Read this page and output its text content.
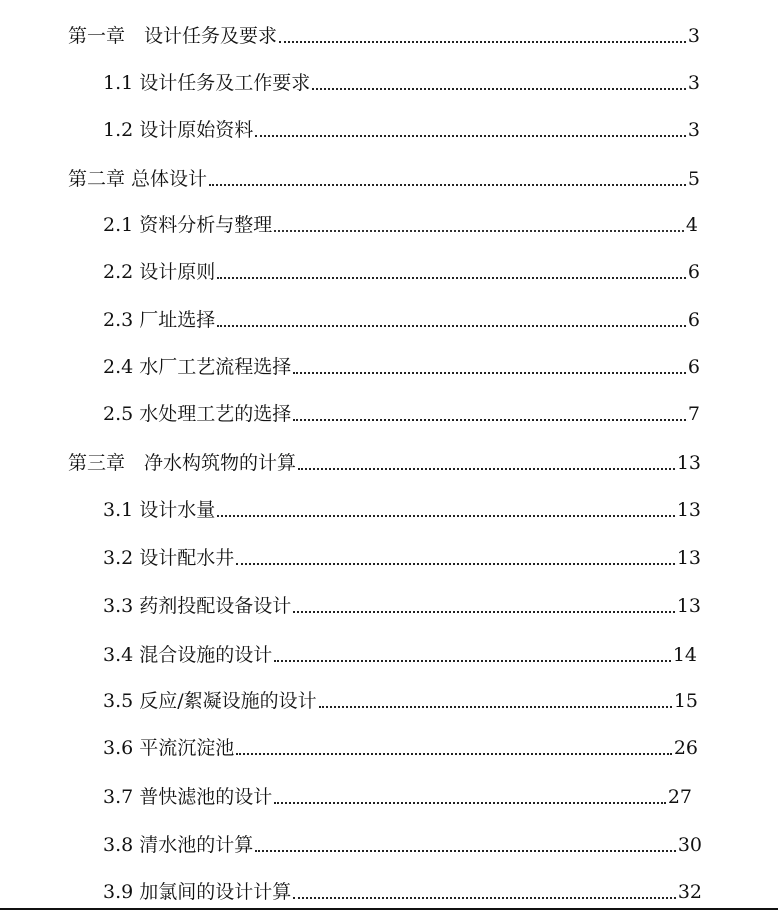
第一章　设计任务及要求	3
1.1 设计任务及工作要求	3
1.2 设计原始资料	3
第二章 总体设计	5
2.1 资料分析与整理	4
2.2 设计原则	6
2.3 厂址选择	6
2.4 水厂工艺流程选择	6
2.5 水处理工艺的选择	7
第三章　净水构筑物的计算	13
3.1 设计水量	13
3.2 设计配水井	13
3.3 药剂投配设备设计	13
3.4 混合设施的设计	14
3.5 反应/絮凝设施的设计	15
3.6 平流沉淀池	26
3.7 普快滤池的设计	27
3.8 清水池的计算	30
3.9 加氯间的设计计算	32
